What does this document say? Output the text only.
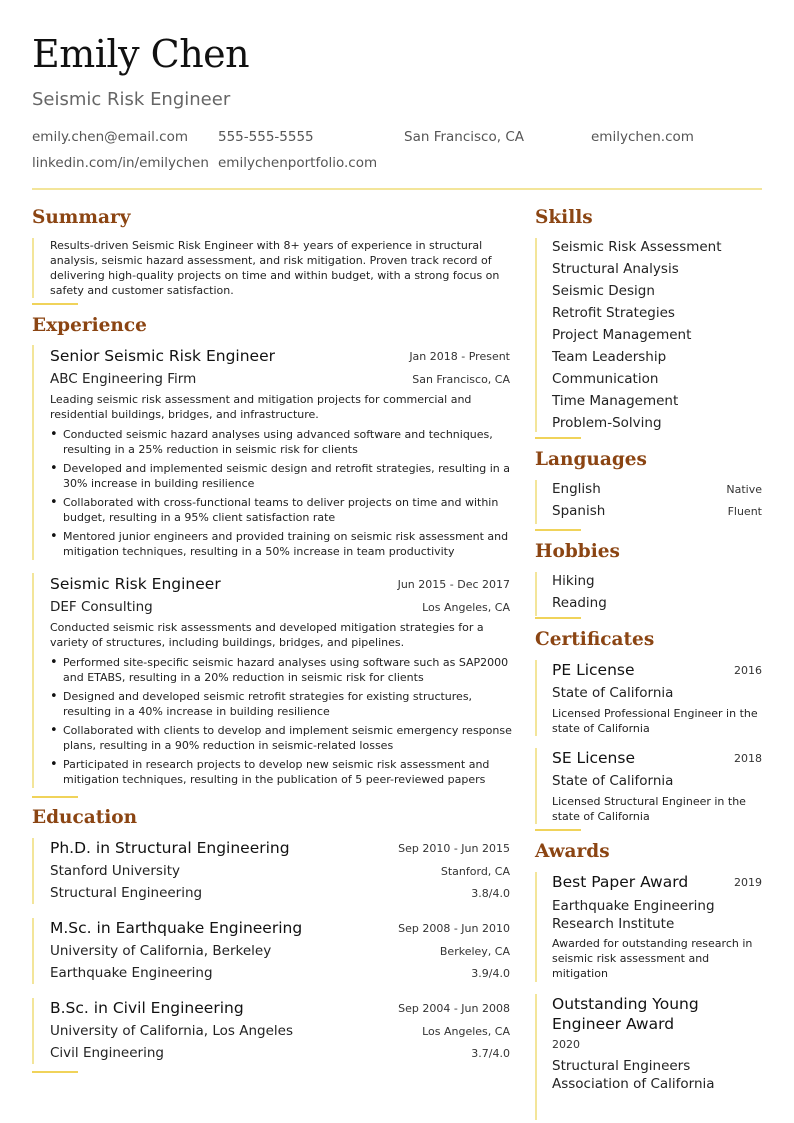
Emily Chen
Seismic Risk Engineer
emily.chen@email.com 555-555-5555	San Francisco, CA	emilychen.com
linkedin.com/in/emilychen emilychenportfolio.com
Summary
Results-driven Seismic Risk Engineer with 8+ years of experience in structural analysis, seismic hazard assessment, and risk mitigation. Proven track record of delivering high-quality projects on time and within budget, with a strong focus on safety and customer satisfaction.
Experience
Senior Seismic Risk Engineer	Jan 2018 - Present
ABC Engineering Firm	San Francisco, CA
Leading seismic risk assessment and mitigation projects for commercial and residential buildings, bridges, and infrastructure.
• Conducted seismic hazard analyses using advanced software and techniques, resulting in a 25% reduction in seismic risk for clients
• Developed and implemented seismic design and retrofit strategies, resulting in a 30% increase in building resilience
• Collaborated with cross-functional teams to deliver projects on time and within budget, resulting in a 95% client satisfaction rate
• Mentored junior engineers and provided training on seismic risk assessment and mitigation techniques, resulting in a 50% increase in team productivity
Seismic Risk Engineer	Jun 2015 - Dec 2017
DEF Consulting	Los Angeles, CA
Conducted seismic risk assessments and developed mitigation strategies for a variety of structures, including buildings, bridges, and pipelines.
• Performed site-specific seismic hazard analyses using software such as SAP2000 and ETABS, resulting in a 20% reduction in seismic risk for clients
• Designed and developed seismic retrofit strategies for existing structures, resulting in a 40% increase in building resilience
• Collaborated with clients to develop and implement seismic emergency response plans, resulting in a 90% reduction in seismic-related losses
• Participated in research projects to develop new seismic risk assessment and mitigation techniques, resulting in the publication of 5 peer-reviewed papers
Education
Ph.D. in Structural Engineering	Sep 2010 - Jun 2015
Stanford University	Stanford, CA
Structural Engineering	3.8/4.0
M.Sc. in Earthquake Engineering	Sep 2008 - Jun 2010
University of California, Berkeley	Berkeley, CA
Earthquake Engineering	3.9/4.0
B.Sc. in Civil Engineering	Sep 2004 - Jun 2008
University of California, Los Angeles	Los Angeles, CA
Civil Engineering	3.7/4.0
Skills
Seismic Risk Assessment
Structural Analysis
Seismic Design
Retrofit Strategies
Project Management
Team Leadership
Communication
Time Management
Problem-Solving
Languages
English	Native
Spanish	Fluent
Hobbies
Hiking
Reading
Certificates
PE License	2016
State of California
Licensed Professional Engineer in the state of California
SE License	2018
State of California
Licensed Structural Engineer in the state of California
Awards
Best Paper Award	2019
Earthquake Engineering Research Institute
Awarded for outstanding research in seismic risk assessment and mitigation
Outstanding Young Engineer Award
2020
Structural Engineers Association of California
